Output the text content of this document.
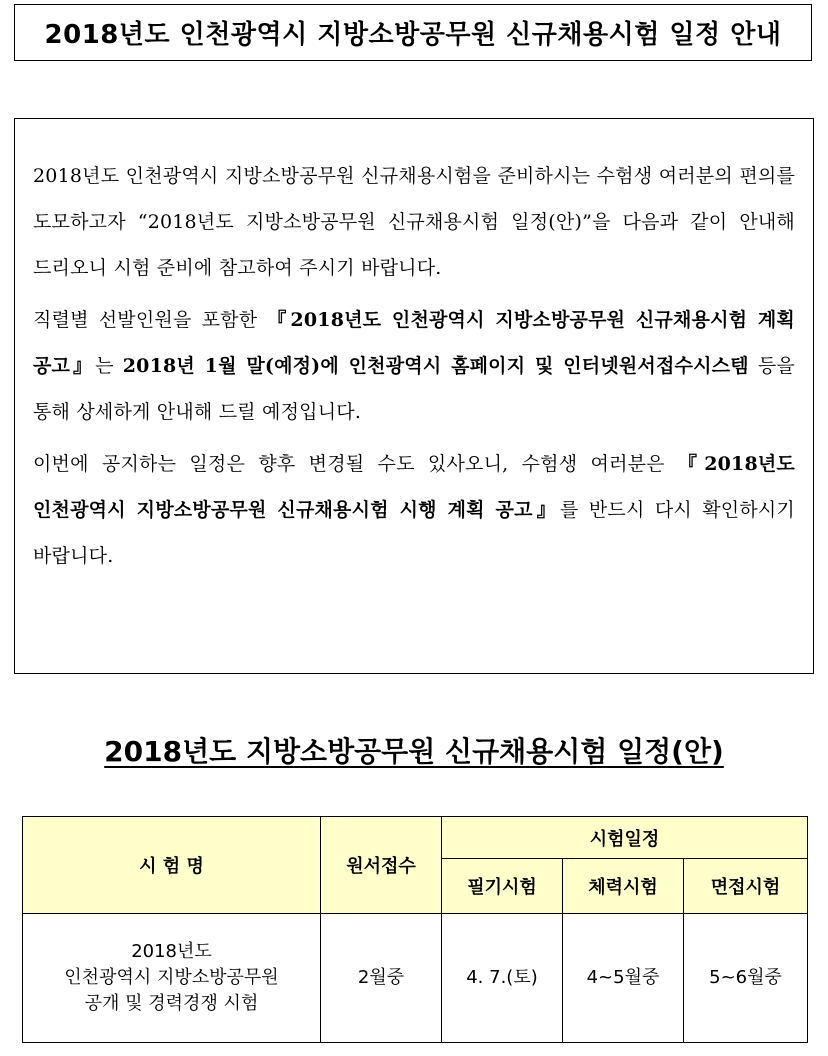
2018년도 인천광역시 지방소방공무원 신규채용시험 일정 안내

2018년도 인천광역시 지방소방공무원 신규채용시험을 준비하시는 수험생 여러분의 편의를 도모하고자 “2018년도 지방소방공무원 신규채용시험 일정(안)”을 다음과 같이 안내해 드리오니 시험 준비에 참고하여 주시기 바랍니다.

직렬별 선발인원을 포함한 『2018년도 인천광역시 지방소방공무원 신규채용시험 계획 공고』는 2018년 1월 말(예정)에 인천광역시 홈페이지 및 인터넷원서접수시스템 등을 통해 상세하게 안내해 드릴 예정입니다.

이번에 공지하는 일정은 향후 변경될 수도 있사오니, 수험생 여러분은 『2018년도 인천광역시 지방소방공무원 신규채용시험 시행 계획 공고』를 반드시 다시 확인하시기 바랍니다.

2018년도 지방소방공무원 신규채용시험 일정(안)
시 험 명	원서접수	시험일정		
		필기시험	체력시험	면접시험

2018년도
인천광역시 지방소방공무원
공개 및 경력경쟁 시험	2월중	4. 7.(토)	4~5월중	5~6월중
